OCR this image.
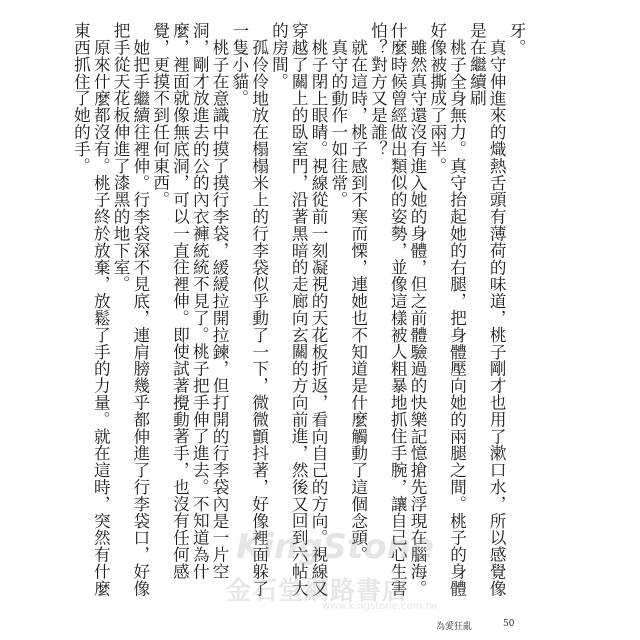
牙。

真守伸進來的熾熱舌頭有薄荷的味道，桃子剛才也用了漱口水，所以感覺像是在繼續刷

桃子全身無力。真守抬起她的右腿，把身體壓向她的兩腿之間。桃子的身體好像被撕成了兩半。

雖然真守還沒有進入她的身體，但之前體驗過的快樂記憶搶先浮現在腦海。什麼時候曾經做出類似的姿勢，並像這樣被人粗暴地抓住手腕，讓自己心生害怕？對方又是誰？

就在這時，桃子感到不寒而慄，連她也不知道是什麼觸動了這個念頭。

真守的動作一如往常。

桃子閉上眼睛。視線從前一刻凝視的天花板折返，看向自己的方向。視線又穿越了關上的臥室門，沿著黑暗的走廊向玄關的方向前進，然後又回到六帖大的房間。

孤伶伶地放在榻榻米上的行李袋似乎動了一下，微微顫抖著，好像裡面躲了一隻小貓。

桃子在意識中摸了摸行李袋，緩緩拉開拉鍊，但打開的行李袋內是一片空洞，剛才放進去的公的內衣褲統統不見了。桃子把手伸了進去。不知道為什麼，裡面就像無底洞，可以一直往裡伸。即使試著攪動著手，也沒有任何感覺，更摸不到任何東西。

她把手繼續往裡伸。行李袋深不見底，連肩膀幾乎都伸進了行李袋口，好像把手從天花板伸進了漆黑的地下室。

原來什麼都沒有。桃子終於放棄，放鬆了手的力量。就在這時，突然有什麼東西抓住了她的手。

KingStone
金石堂網路書店
www.kingstone.com.tw
為愛狂亂	50
